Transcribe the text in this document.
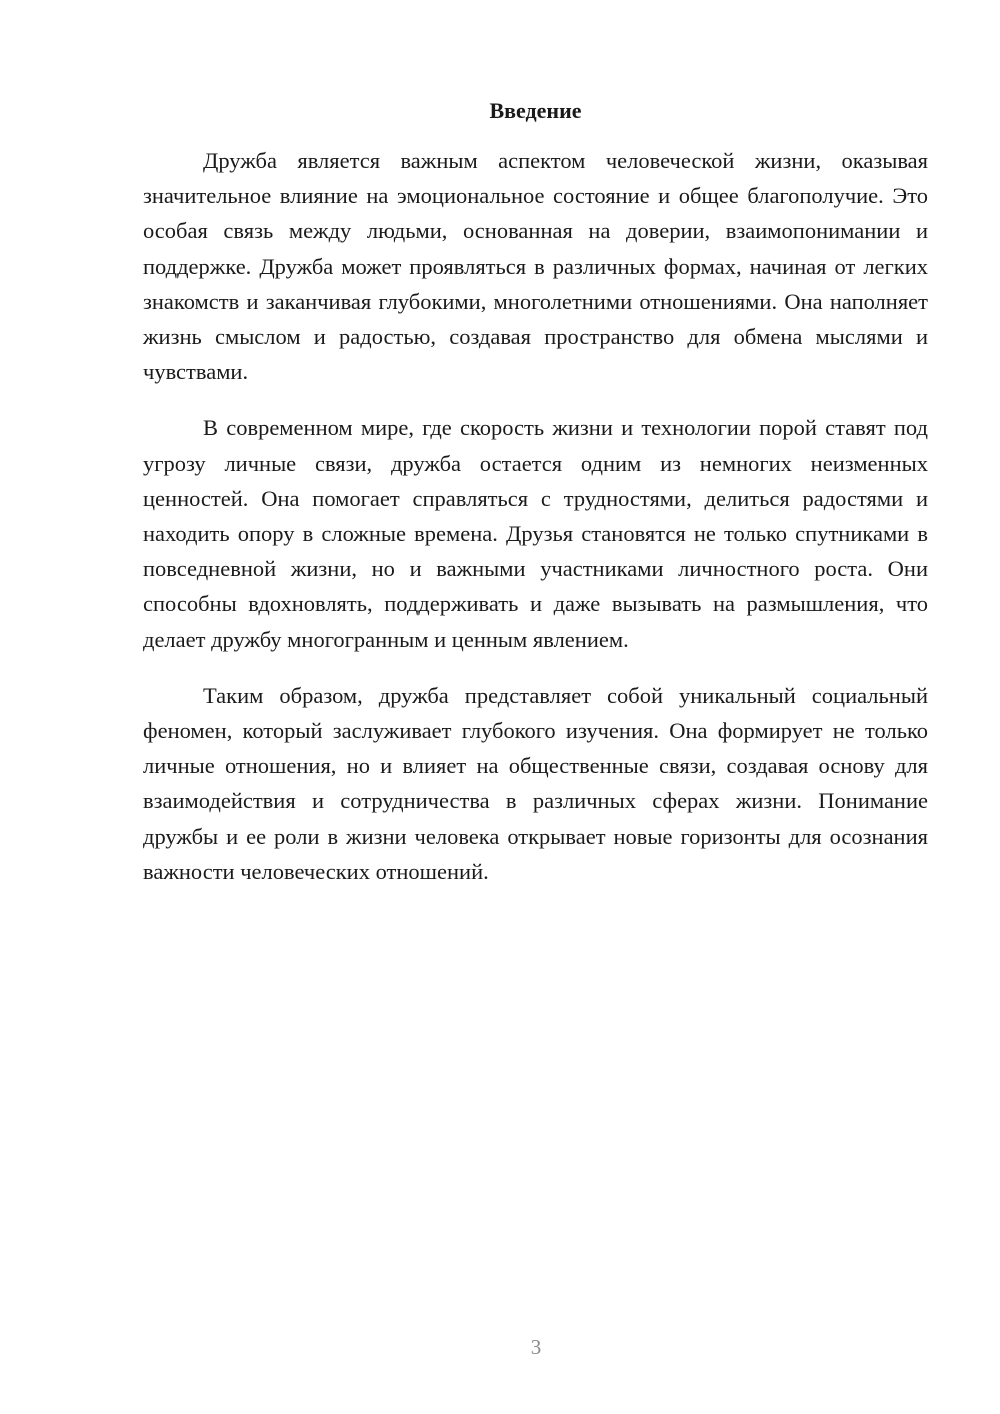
Введение

Дружба является важным аспектом человеческой жизни, оказывая значительное влияние на эмоциональное состояние и общее благополучие. Это особая связь между людьми, основанная на доверии, взаимопонимании и поддержке. Дружба может проявляться в различных формах, начиная от легких знакомств и заканчивая глубокими, многолетними отношениями. Она наполняет жизнь смыслом и радостью, создавая пространство для обмена мыслями и чувствами.

В современном мире, где скорость жизни и технологии порой ставят под угрозу личные связи, дружба остается одним из немногих неизменных ценностей. Она помогает справляться с трудностями, делиться радостями и находить опору в сложные времена. Друзья становятся не только спутниками в повседневной жизни, но и важными участниками личностного роста. Они способны вдохновлять, поддерживать и даже вызывать на размышления, что делает дружбу многогранным и ценным явлением.

Таким образом, дружба представляет собой уникальный социальный феномен, который заслуживает глубокого изучения. Она формирует не только личные отношения, но и влияет на общественные связи, создавая основу для взаимодействия и сотрудничества в различных сферах жизни. Понимание дружбы и ее роли в жизни человека открывает новые горизонты для осознания важности человеческих отношений.

3
